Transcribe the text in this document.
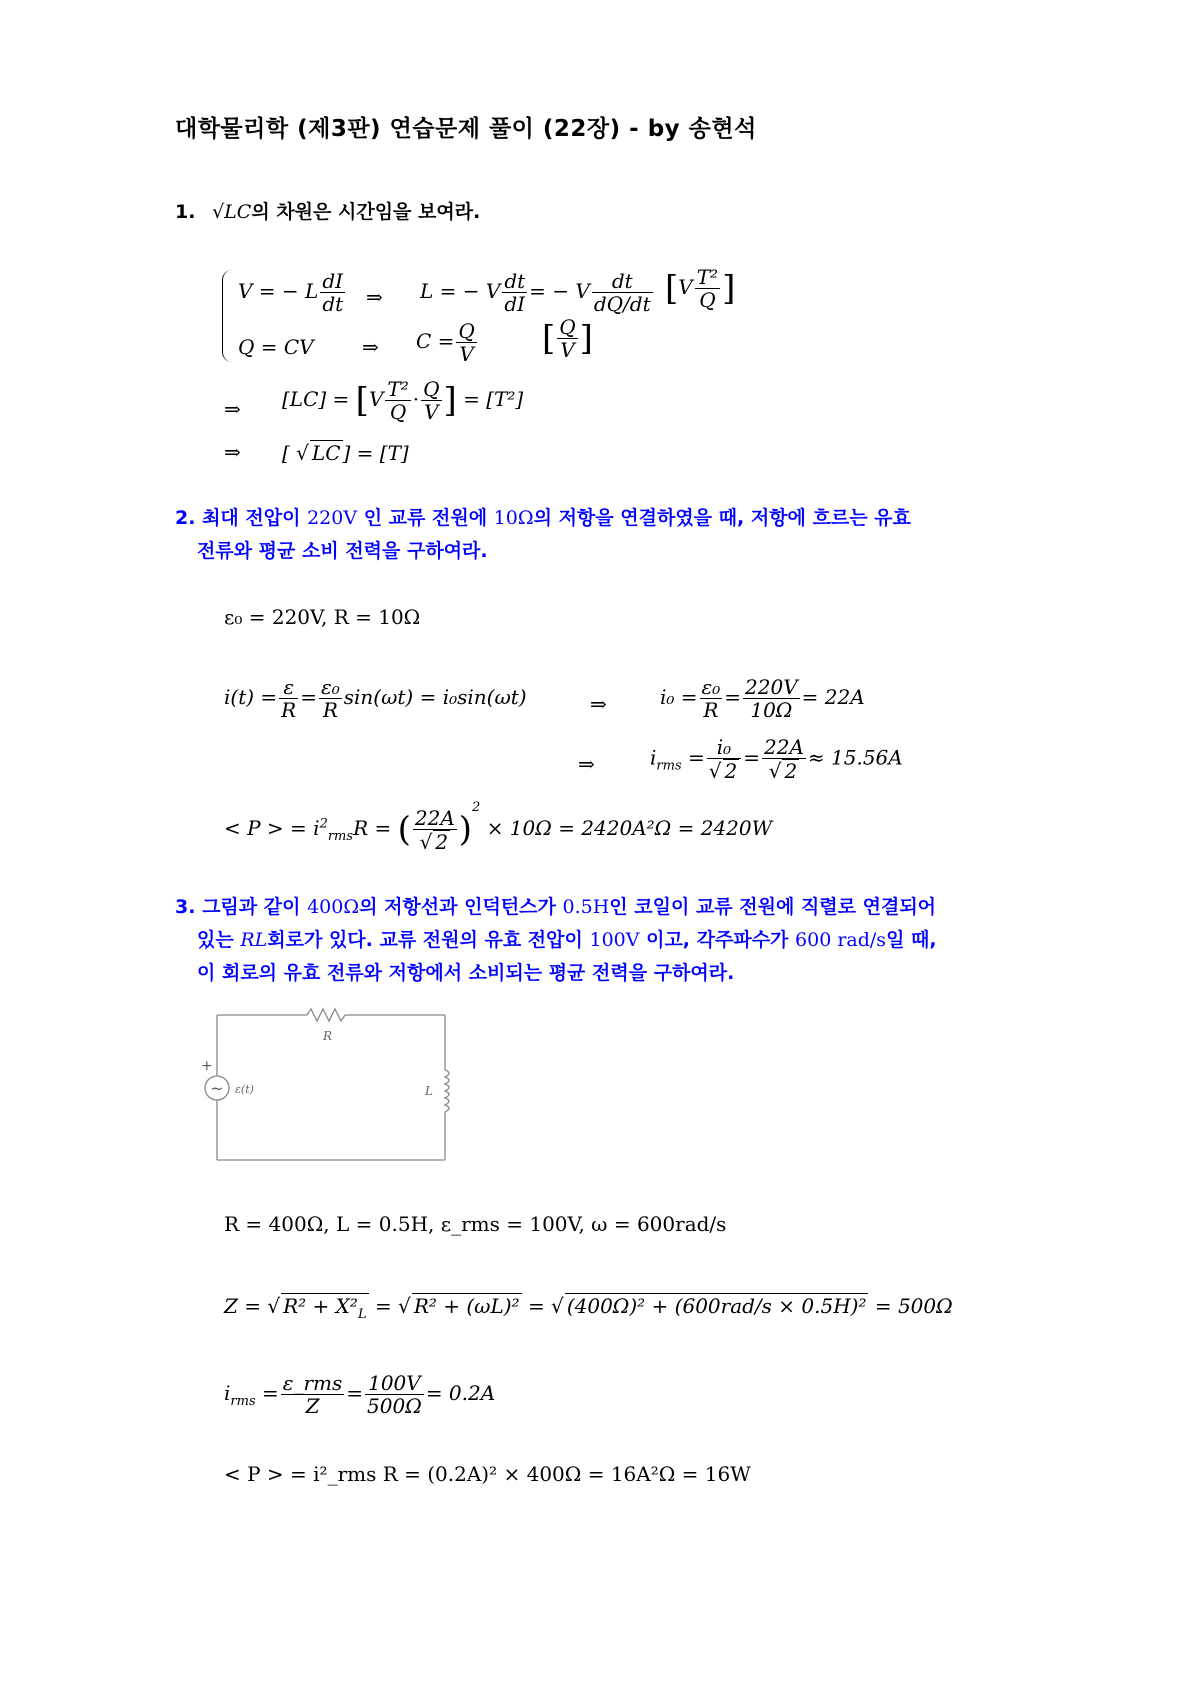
대학물리학 (제3판) 연습문제 풀이 (22장) - by 송현석
1. √LC의 차원은 시간임을 보여라.
V = − L $\frac{dI}{dt}$ ⇒ L = − V $\frac{dt}{dI}$ = − V $\frac{dt}{dQ/dt} [V \frac{\text{T²}}{Q}$ ]
Q = CV ⇒ $C = \frac{Q}{V}$ [ $\frac{Q}{V}$ ]
⇒ $[LC] = [V \frac{\text{T²}}{Q} \cdot \frac{Q}{V}$ ] = [T²]
⇒ [ √ LC ] = [T]
2. 최대 전압이 220V 인 교류 전원에 10Ω의 저항을 연결하였을 때, 저항에 흐르는 유효
전류와 평균 소비 전력을 구하여라.
ε₀ = 220V, R = 10Ω
$i(t) = \frac{\varepsilon}{R} = \frac{\text{ε₀}}{R} \sin(\omega t) = i_0\sin(\omega t)$	⇒	$i_0 = \frac{\text{ε₀}}{R} = \frac{220V}{10\Omega} = 22A$
⇒	$i_{rms} = \frac{\text{i₀}}{√ 2} = \frac{22A}{√ 2} \approx 15.56A$
< P > = $i^2_{rms}R$ = ( $\frac{22A}{√ 2} )^2 \times 10\Omega = 2420A^2\Omega = 2420W$
3. 그림과 같이 400Ω의 저항선과 인덕턴스가 0.5H인 코일이 교류 전원에 직렬로 연결되어
있는 RL회로가 있다. 교류 전원의 유효 전압이 100V 이고, 각주파수가 600 rad/s일 때,
이 회로의 유효 전류와 저항에서 소비되는 평균 전력을 구하여라.
~
+
ε(t)
R
L
R = 400Ω, L = 0.5H, ε_rms = 100V, ω = 600rad/s
Z = √ $R^2 + X^2_L$ = √ R² + (ωL)² = √ (400Ω)² + (600rad/s × 0.5H)² = 500Ω
$i_{rms} = \frac{\text{ε\_rms}}{Z} = \frac{100V}{500\Omega} = 0.2A$
< P > = i²_rms R = (0.2A)² × 400Ω = 16A²Ω = 16W
